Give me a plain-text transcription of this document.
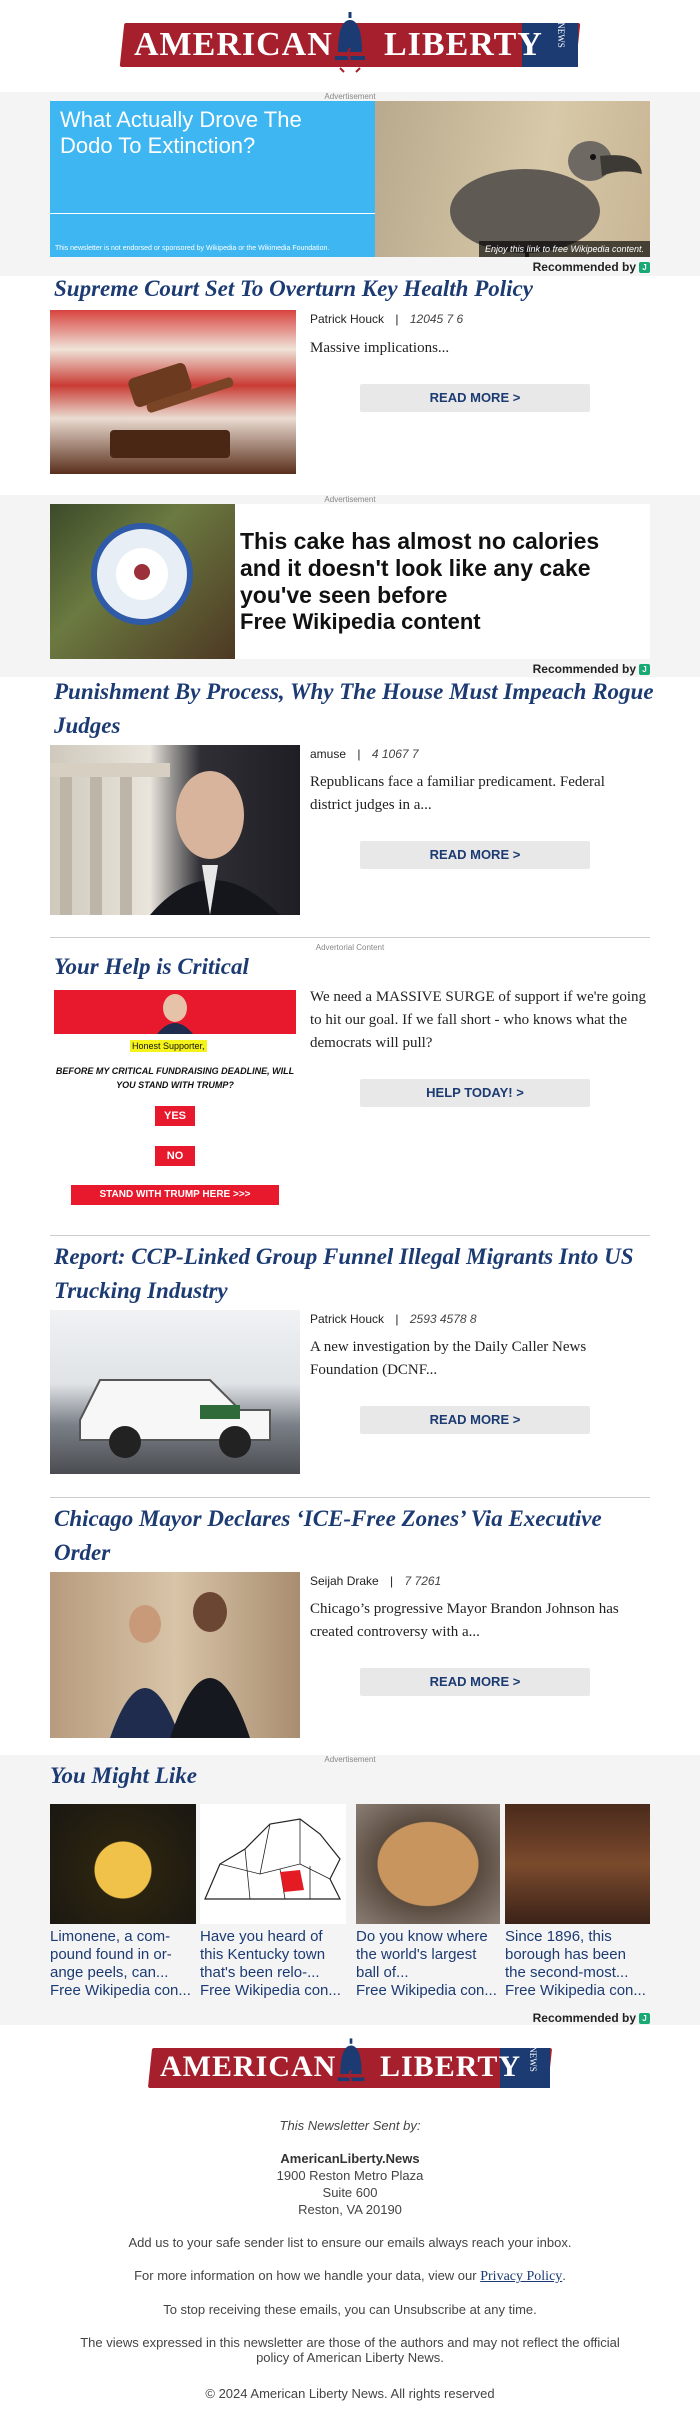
AMERICAN LIBERTY NEWS
Advertisement
What Actually Drove The Dodo To Extinction?
This newsletter is not endorsed or sponsored by Wikipedia or the Wikimedia Foundation.	Enjoy this link to free Wikipedia content.
Recommended by J
Supreme Court Set To Overturn Key Health Policy
Patrick Houck | 12045 7 6
Massive implications...
READ MORE >
Advertisement
This cake has almost no calories and it doesn't look like any cake you've seen before
Free Wikipedia content
Recommended by J
Punishment By Process, Why The House Must Impeach Rogue Judges
amuse | 4 1067 7
Republicans face a familiar predicament. Federal district judges in a...
READ MORE >
Advertorial Content
Your Help is Critical
Honest Supporter,
BEFORE MY CRITICAL FUNDRAISING DEADLINE, WILL YOU STAND WITH TRUMP?
YES
NO
STAND WITH TRUMP HERE >>>
We need a MASSIVE SURGE of support if we're going to hit our goal. If we fall short - who knows what the democrats will pull?
HELP TODAY! >
Report: CCP-Linked Group Funnel Illegal Migrants Into US Trucking Industry
Patrick Houck | 2593 4578 8
A new investigation by the Daily Caller News Foundation (DCNF...
READ MORE >
Chicago Mayor Declares ‘ICE-Free Zones’ Via Executive Order
Seijah Drake | 7 7261
Chicago’s progressive Mayor Brandon Johnson has created controversy with a...
READ MORE >
Advertisement
You Might Like
Limonene, a com-pound found in or-ange peels, can...
Free Wikipedia con...
Have you heard of this Kentucky town that's been relo-...
Free Wikipedia con...
Do you know where the world's largest ball of...
Free Wikipedia con...
Since 1896, this borough has been the second-most...
Free Wikipedia con...
Recommended by J
AMERICAN LIBERTY NEWS
This Newsletter Sent by:
AmericanLiberty.News
1900 Reston Metro Plaza
Suite 600
Reston, VA 20190
Add us to your safe sender list to ensure our emails always reach your inbox.
For more information on how we handle your data, view our Privacy Policy.
To stop receiving these emails, you can Unsubscribe at any time.
The views expressed in this newsletter are those of the authors and may not reflect the official policy of American Liberty News.
© 2024 American Liberty News. All rights reserved
